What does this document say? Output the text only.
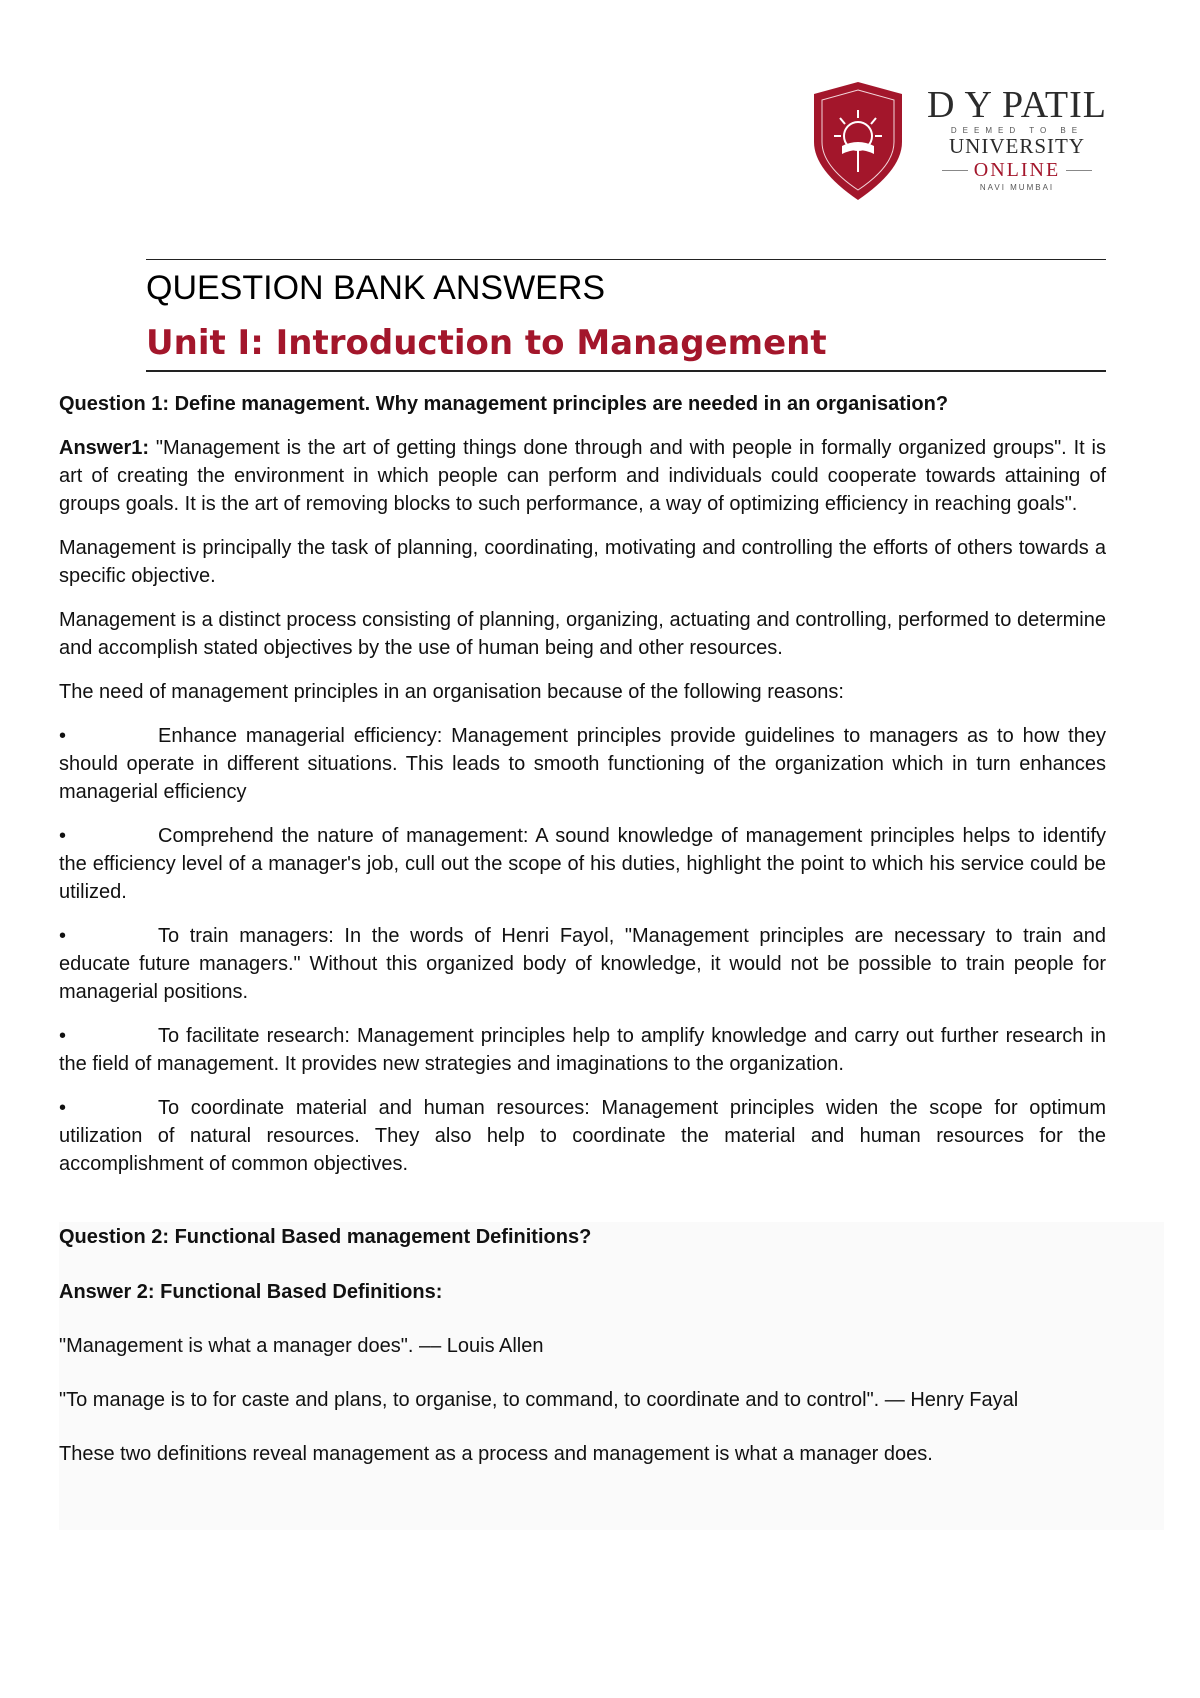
D Y PATIL
DEEMED TO BE
UNIVERSITY
ONLINE
NAVI MUMBAI
QUESTION BANK ANSWERS
Unit I: Introduction to Management
Question 1: Define management. Why management principles are needed in an organisation?
Answer1: "Management is the art of getting things done through and with people in formally organized groups". It is art of creating the environment in which people can perform and individuals could cooperate towards attaining of groups goals. It is the art of removing blocks to such performance, a way of optimizing efficiency in reaching goals".
Management is principally the task of planning, coordinating, motivating and controlling the efforts of others towards a specific objective.
Management is a distinct process consisting of planning, organizing, actuating and controlling, performed to determine and accomplish stated objectives by the use of human being and other resources.
The need of management principles in an organisation because of the following reasons:
•	Enhance managerial efficiency: Management principles provide guidelines to managers as to how they should operate in different situations. This leads to smooth functioning of the organization which in turn enhances managerial efficiency
•	Comprehend the nature of management: A sound knowledge of management principles helps to identify the efficiency level of a manager's job, cull out the scope of his duties, highlight the point to which his service could be utilized.
•	To train managers: In the words of Henri Fayol, "Management principles are necessary to train and educate future managers." Without this organized body of knowledge, it would not be possible to train people for managerial positions.
•	To facilitate research: Management principles help to amplify knowledge and carry out further research in the field of management. It provides new strategies and imaginations to the organization.
•	To coordinate material and human resources: Management principles widen the scope for optimum utilization of natural resources. They also help to coordinate the material and human resources for the accomplishment of common objectives.
Question 2: Functional Based management Definitions?
Answer 2: Functional Based Definitions:
"Management is what a manager does". –– Louis Allen
"To manage is to for caste and plans, to organise, to command, to coordinate and to control". — Henry Fayal
These two definitions reveal management as a process and management is what a manager does.
